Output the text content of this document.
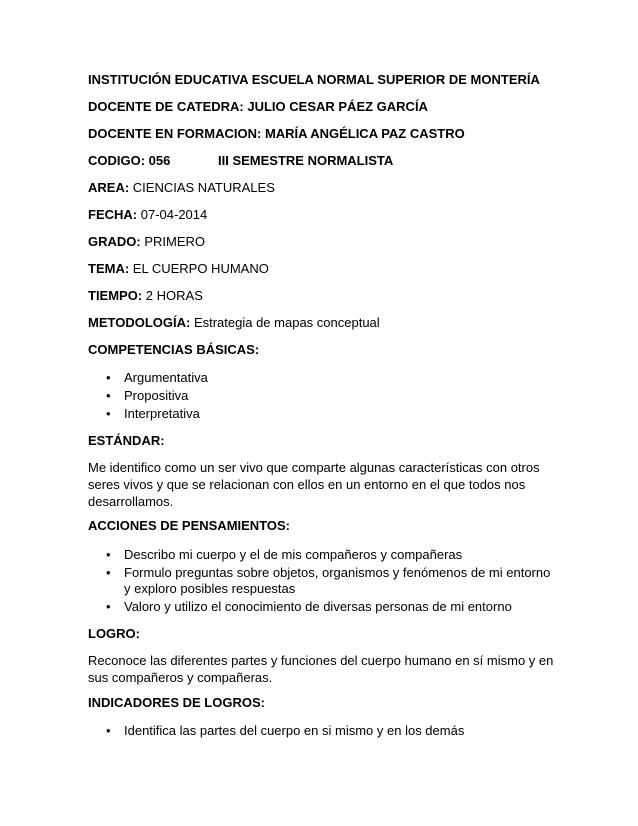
INSTITUCIÓN EDUCATIVA ESCUELA NORMAL SUPERIOR DE MONTERÍA
DOCENTE DE CATEDRA: JULIO CESAR PÁEZ GARCÍA
DOCENTE EN FORMACION: MARÍA ANGÉLICA PAZ CASTRO
CODIGO: 056	III SEMESTRE NORMALISTA
AREA: CIENCIAS NATURALES
FECHA: 07-04-2014
GRADO: PRIMERO
TEMA: EL CUERPO HUMANO
TIEMPO: 2 HORAS
METODOLOGÍA: Estrategia de mapas conceptual
COMPETENCIAS BÁSICAS:
•	Argumentativa
•	Propositiva
•	Interpretativa
ESTÁNDAR:
Me identifico como un ser vivo que comparte algunas características con otros seres vivos y que se relacionan con ellos en un entorno en el que todos nos desarrollamos.
ACCIONES DE PENSAMIENTOS:
•	Describo mi cuerpo y el de mis compañeros y compañeras
•	Formulo preguntas sobre objetos, organismos y fenómenos de mi entorno y exploro posibles respuestas
•	Valoro y utilizo el conocimiento de diversas personas de mi entorno
LOGRO:
Reconoce las diferentes partes y funciones del cuerpo humano en sí mismo y en sus compañeros y compañeras.
INDICADORES DE LOGROS:
•	Identifica las partes del cuerpo en si mismo y en los demás
